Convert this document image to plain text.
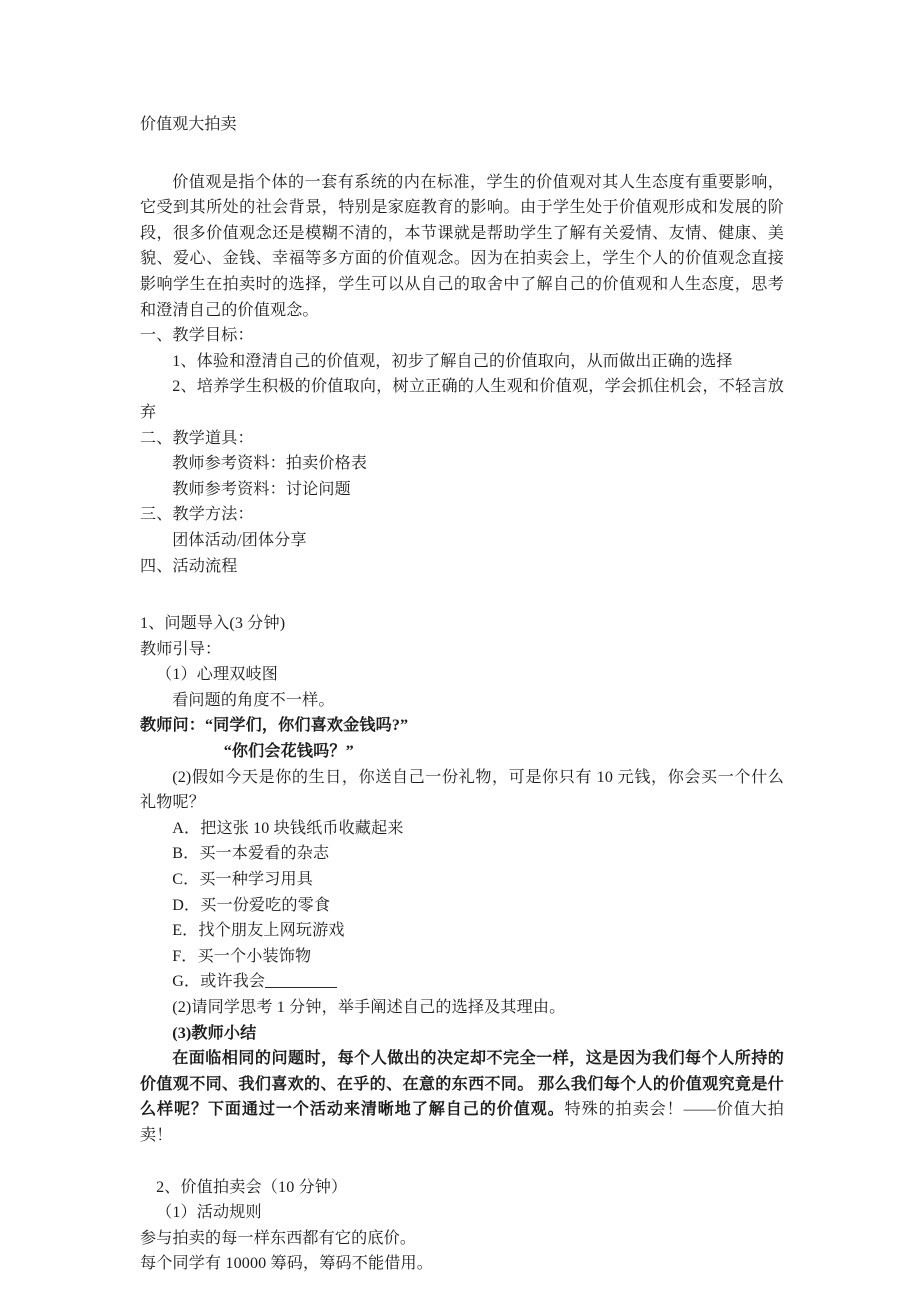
价值观大拍卖

价值观是指个体的一套有系统的内在标准，学生的价值观对其人生态度有重要影响，它受到其所处的社会背景，特别是家庭教育的影响。由于学生处于价值观形成和发展的阶段，很多价值观念还是模糊不清的，本节课就是帮助学生了解有关爱情、友情、健康、美貌、爱心、金钱、幸福等多方面的价值观念。因为在拍卖会上，学生个人的价值观念直接影响学生在拍卖时的选择，学生可以从自己的取舍中了解自己的价值观和人生态度，思考和澄清自己的价值观念。

一、教学目标：

1、体验和澄清自己的价值观，初步了解自己的价值取向，从而做出正确的选择

2、培养学生积极的价值取向，树立正确的人生观和价值观，学会抓住机会，不轻言放弃

二、教学道具：

教师参考资料：拍卖价格表

教师参考资料：讨论问题

三、教学方法：

团体活动/团体分享

四、活动流程

1、问题导入(3 分钟)

教师引导：

（1）心理双岐图

看问题的角度不一样。

教师问：“同学们，你们喜欢金钱吗?”

“你们会花钱吗？”

(2)假如今天是你的生日，你送自己一份礼物，可是你只有 10 元钱，你会买一个什么礼物呢？

A．把这张 10 块钱纸币收藏起来

B．买一本爱看的杂志

C．买一种学习用具

D．买一份爱吃的零食

E．找个朋友上网玩游戏

F．买一个小装饰物

G．或许我会

(2)请同学思考 1 分钟，举手阐述自己的选择及其理由。

(3)教师小结

在面临相同的问题时，每个人做出的决定却不完全一样，这是因为我们每个人所持的价值观不同、我们喜欢的、在乎的、在意的东西不同。 那么我们每个人的价值观究竟是什么样呢？下面通过一个活动来清晰地了解自己的价值观。特殊的拍卖会！——价值大拍卖！

2、价值拍卖会（10 分钟）

（1）活动规则

参与拍卖的每一样东西都有它的底价。

每个同学有 10000 筹码，筹码不能借用。
